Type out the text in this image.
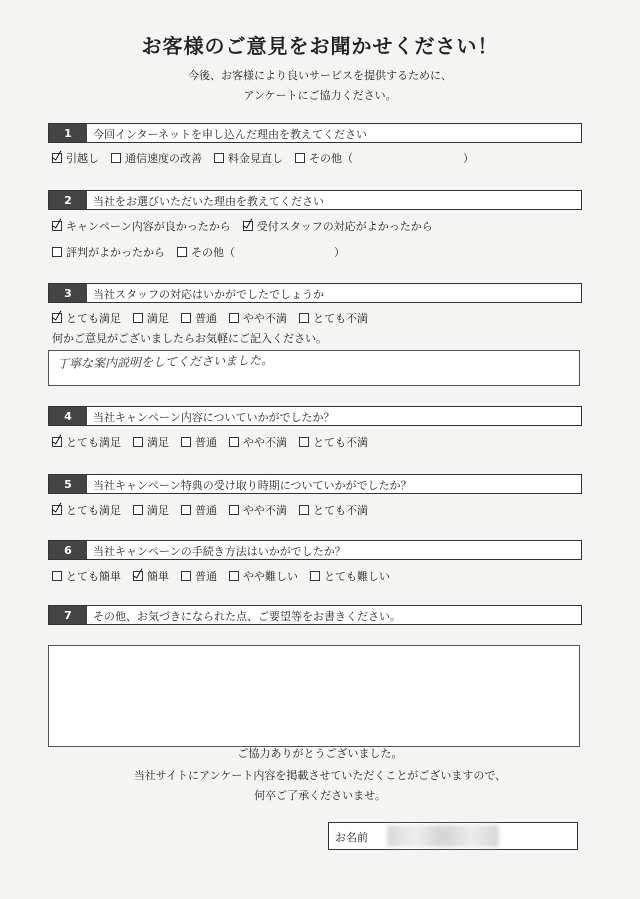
お客様のご意見をお聞かせください！
今後、お客様により良いサービスを提供するために、
アンケートにご協力ください。
1	今回インターネットを申し込んだ理由を教えてください
引越し 通信速度の改善 料金見直し その他（　　　　　　　　　　）
2	当社をお選びいただいた理由を教えてください
キャンペーン内容が良かったから 受付スタッフの対応がよかったから
評判がよかったから その他（　　　　　　　　　）
3	当社スタッフの対応はいかがでしたでしょうか
とても満足 満足 普通 やや不満 とても不満
何かご意見がございましたらお気軽にご記入ください。
丁寧な案内説明をしてくださいました。
4	当社キャンペーン内容についていかがでしたか？
とても満足 満足 普通 やや不満 とても不満
5	当社キャンペーン特典の受け取り時期についていかがでしたか？
とても満足 満足 普通 やや不満 とても不満
6	当社キャンペーンの手続き方法はいかがでしたか？
とても簡単 簡単 普通 やや難しい とても難しい
7	その他、お気づきになられた点、ご要望等をお書きください。
ご協力ありがとうございました。
当社サイトにアンケート内容を掲載させていただくことがございますので、
何卒ご了承くださいませ。
お名前
